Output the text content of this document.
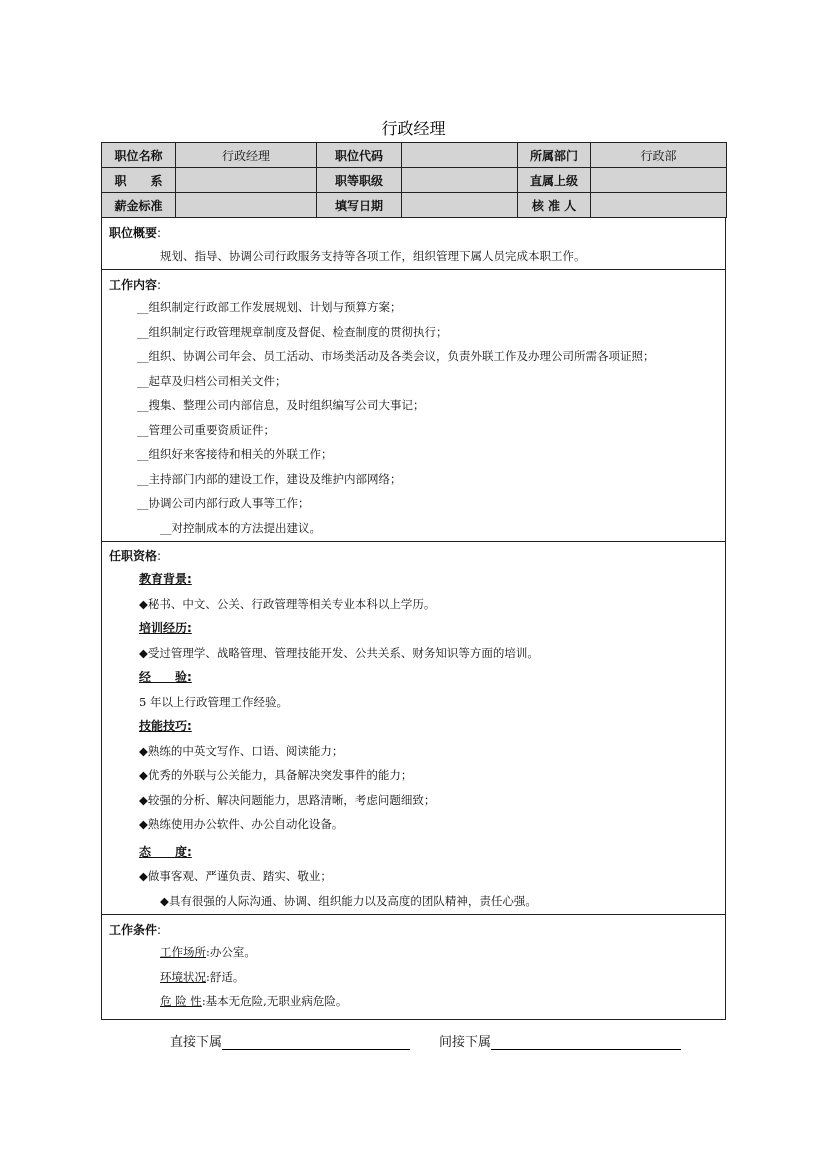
行政经理
职位名称	行政经理	职位代码		所属部门	行政部
职　　系		职等职级		直属上级	
薪金标准		填写日期		核 准 人	
职位概要:
规划、指导、协调公司行政服务支持等各项工作，组织管理下属人员完成本职工作。
工作内容:
__组织制定行政部工作发展规划、计划与预算方案；
__组织制定行政管理规章制度及督促、检查制度的贯彻执行；
__组织、协调公司年会、员工活动、市场类活动及各类会议，负责外联工作及办理公司所需各项证照；
__起草及归档公司相关文件；
__搜集、整理公司内部信息，及时组织编写公司大事记；
__管理公司重要资质证件；
__组织好来客接待和相关的外联工作；
__主持部门内部的建设工作，建设及维护内部网络；
__协调公司内部行政人事等工作；
__对控制成本的方法提出建议。
任职资格:
教育背景:
◆秘书、中文、公关、行政管理等相关专业本科以上学历。
培训经历:
◆受过管理学、战略管理、管理技能开发、公共关系、财务知识等方面的培训。
经　　验:
5 年以上行政管理工作经验。
技能技巧:
◆熟练的中英文写作、口语、阅读能力；
◆优秀的外联与公关能力，具备解决突发事件的能力；
◆较强的分析、解决问题能力，思路清晰，考虑问题细致；
◆熟练使用办公软件、办公自动化设备。
态　　度:
◆做事客观、严谨负责、踏实、敬业；
◆具有很强的人际沟通、协调、组织能力以及高度的团队精神，责任心强。
工作条件:
工作场所:办公室。
环境状况:舒适。
危 险 性:基本无危险,无职业病危险。
直接下属	间接下属
